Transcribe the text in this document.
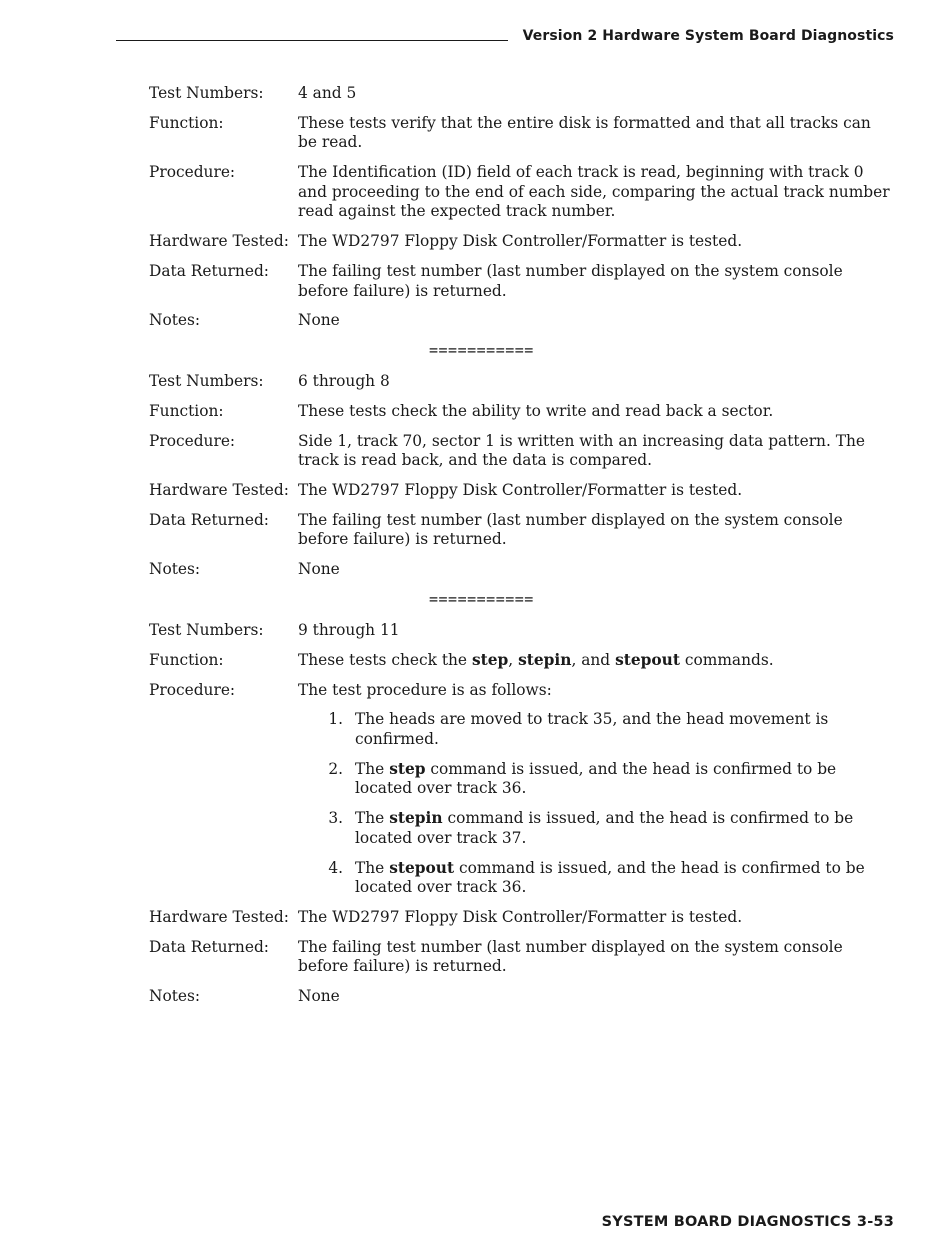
Version 2 Hardware System Board Diagnostics
Test Numbers:	4 and 5
Function:	These tests verify that the entire disk is formatted and that all tracks can be read.
Procedure:	The Identification (ID) field of each track is read, beginning with track 0 and proceeding to the end of each side, comparing the actual track number read against the expected track number.
Hardware Tested: The WD2797 Floppy Disk Controller/Formatter is tested.
Data Returned:	The failing test number (last number displayed on the system console before failure) is returned.
Notes:	None
===========
Test Numbers:	6 through 8
Function:	These tests check the ability to write and read back a sector.
Procedure:	Side 1, track 70, sector 1 is written with an increasing data pattern. The track is read back, and the data is compared.
Hardware Tested: The WD2797 Floppy Disk Controller/Formatter is tested.
Data Returned:	The failing test number (last number displayed on the system console before failure) is returned.
Notes:	None
===========
Test Numbers:	9 through 11
Function:	These tests check the step, stepin, and stepout commands.
Procedure:	The test procedure is as follows:
1. The heads are moved to track 35, and the head movement is confirmed.
2. The step command is issued, and the head is confirmed to be located over track 36.
3. The stepin command is issued, and the head is confirmed to be located over track 37.
4. The stepout command is issued, and the head is confirmed to be located over track 36.
Hardware Tested: The WD2797 Floppy Disk Controller/Formatter is tested.
Data Returned:	The failing test number (last number displayed on the system console before failure) is returned.
Notes:	None
SYSTEM BOARD DIAGNOSTICS 3-53
